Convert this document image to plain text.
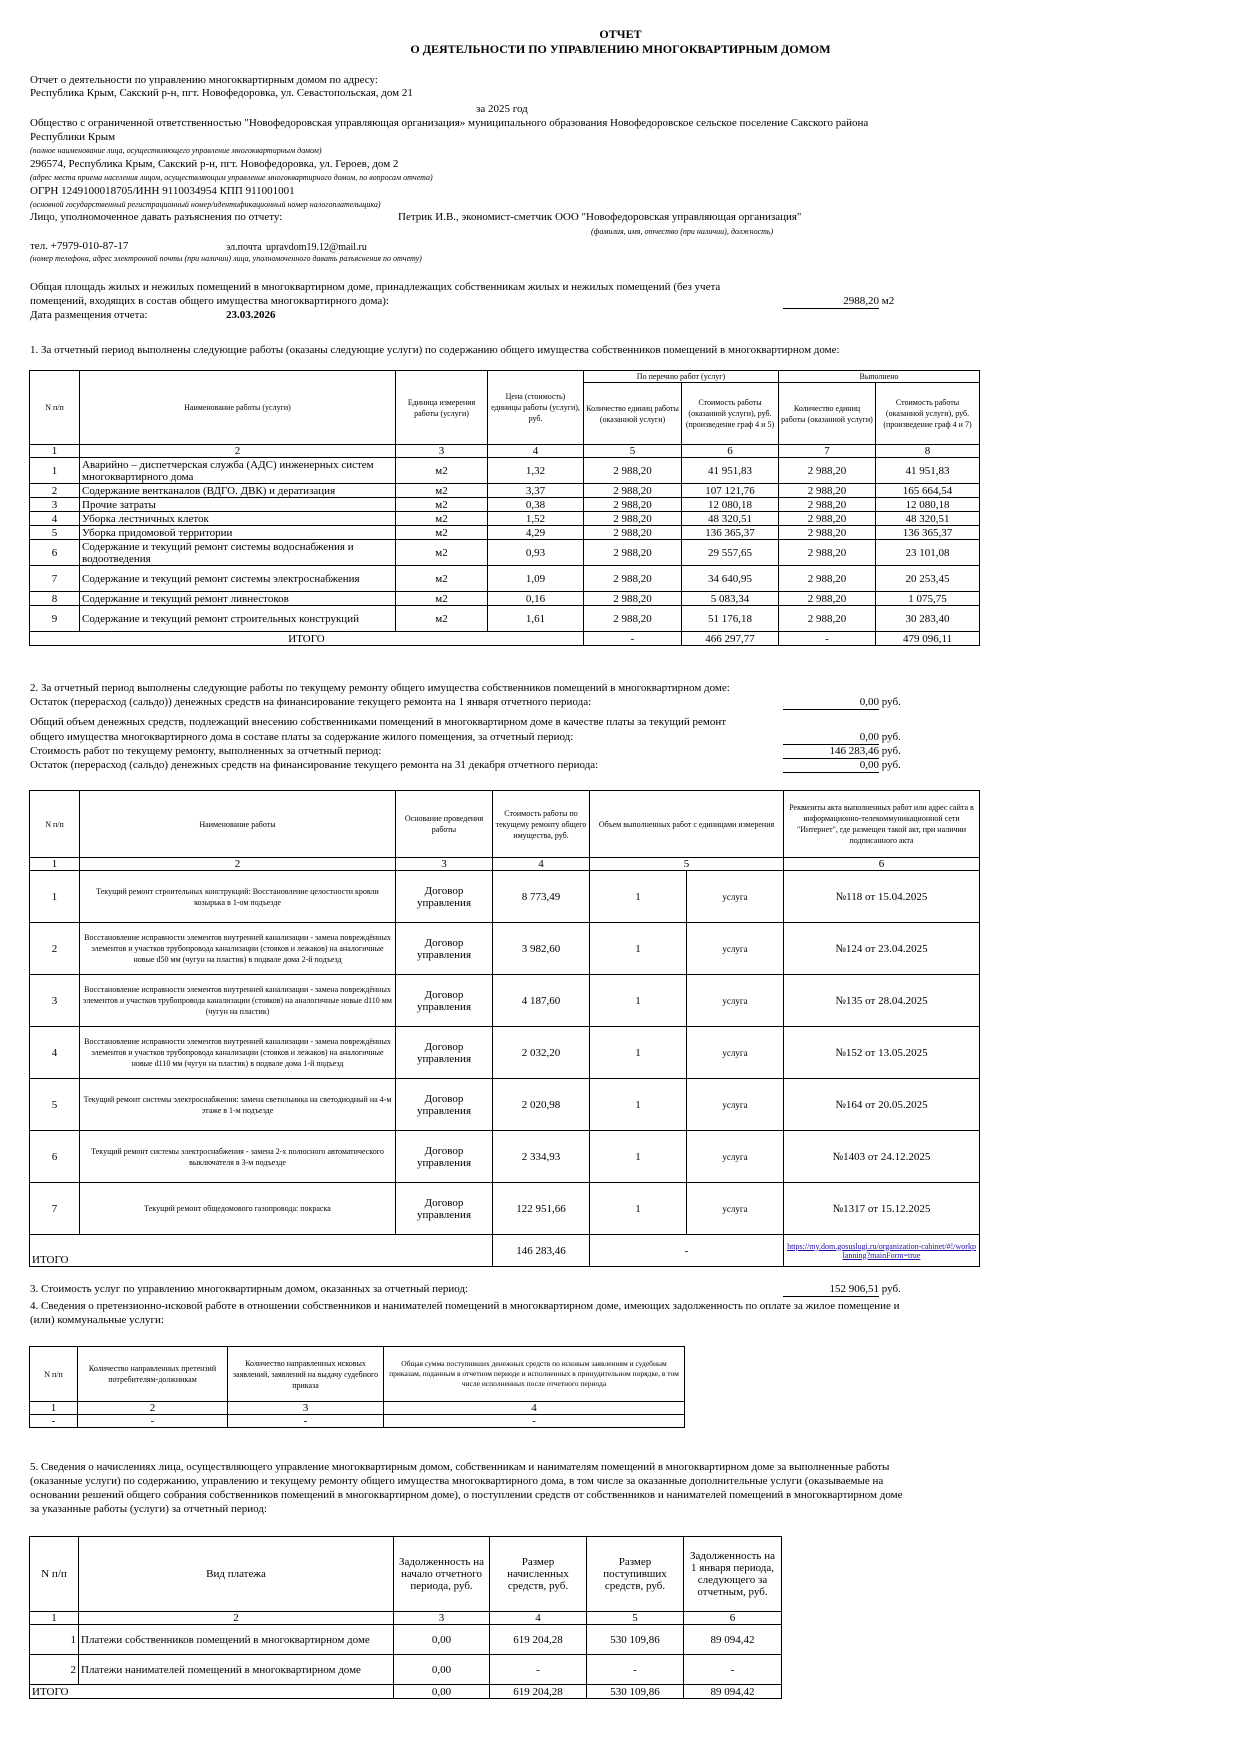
ОТЧЕТ
О ДЕЯТЕЛЬНОСТИ ПО УПРАВЛЕНИЮ МНОГОКВАРТИРНЫМ ДОМОМ
Отчет о деятельности по управлению многоквартирным домом по адресу:
Республика Крым, Сакский р-н, пгт. Новофедоровка, ул. Севастопольская, дом 21
за 2025 год
Общество с ограниченной ответственностью "Новофедоровская управляющая организация» муниципального образования Новофедоровское сельское поселение Сакского района
Республики Крым
(полное наименование лица, осуществляющего управление многоквартирным домом)
296574, Республика Крым, Сакский р-н, пгт. Новофедоровка, ул. Героев, дом 2
(адрес места приема населения лицом, осуществляющим управление многоквартирного домом, по вопросам отчета)
ОГРН 1249100018705/ИНН 9110034954 КПП 911001001
(основной государственный регистрационный номер/идентификационный номер налогоплательщика)
Лицо, уполномоченное давать разъяснения по отчету:	Петрик И.В., экономист-сметчик ООО "Новофедоровская управляющая организация"
(фамилия, имя, отчество (при наличии), должность)
тел. +7979-010-87-17	эл.почта upravdom19.12@mail.ru
(номер телефона, адрес электронной почты (при наличии) лица, уполномоченного давать разъяснения по отчету)
Общая площадь жилых и нежилых помещений в многоквартирном доме, принадлежащих собственникам жилых и нежилых помещений (без учета
помещений, входящих в состав общего имущества многоквартирного дома):	2988,20 м2
Дата размещения отчета:	23.03.2026
1. За отчетный период выполнены следующие работы (оказаны следующие услуги) по содержанию общего имущества собственников помещений в многоквартирном доме:
N п/п	Наименование работы (услуги)	Единица измерения работы (услуги)	Цена (стоимость) единицы работы (услуги), руб.	По перечню работ (услуг)		Выполнено	
				Количество единиц работы (оказанной услуги)	Стоимость работы (оказанной услуги), руб. (произведение граф 4 и 5)	Количество единиц работы (оказанной услуги)	Стоимость работы (оказанной услуги), руб. (произведение граф 4 и 7)
1	2	3	4	5	6	7	8
1	Аварийно – диспетчерская служба (АДС) инженерных систем многоквартирного дома	м2	1,32	2 988,20	41 951,83	2 988,20	41 951,83
2	Содержание вентканалов (ВДГО. ДВК) и дератизация	м2	3,37	2 988,20	107 121,76	2 988,20	165 664,54
3	Прочие затраты	м2	0,38	2 988,20	12 080,18	2 988,20	12 080,18
4	Уборка лестничных клеток	м2	1,52	2 988,20	48 320,51	2 988,20	48 320,51
5	Уборка придомовой территории	м2	4,29	2 988,20	136 365,37	2 988,20	136 365,37
6	Содержание и текущий ремонт системы водоснабжения и водоотведения	м2	0,93	2 988,20	29 557,65	2 988,20	23 101,08
7	Содержание и текущий ремонт системы электроснабжения	м2	1,09	2 988,20	34 640,95	2 988,20	20 253,45
8	Содержание и текущий ремонт ливнестоков	м2	0,16	2 988,20	5 083,34	2 988,20	1 075,75
9	Содержание и текущий ремонт строительных конструкций	м2	1,61	2 988,20	51 176,18	2 988,20	30 283,40
ИТОГО				-	466 297,77	-	479 096,11
2. За отчетный период выполнены следующие работы по текущему ремонту общего имущества собственников помещений в многоквартирном доме:
Остаток (перерасход (сальдо)) денежных средств на финансирование текущего ремонта на 1 января отчетного периода:	0,00 руб.
Общий объем денежных средств, подлежащий внесению собственниками помещений в многоквартирном доме в качестве платы за текущий ремонт
общего имущества многоквартирного дома в составе платы за содержание жилого помещения, за отчетный период:	0,00 руб.
Стоимость работ по текущему ремонту, выполненных за отчетный период:	146 283,46 руб.
Остаток (перерасход (сальдо) денежных средств на финансирование текущего ремонта на 31 декабря отчетного периода:	0,00 руб.
N п/п	Наименование работы	Основание проведения работы	Стоимость работы по текущему ремонту общего имущества, руб.	Объем выполненных работ с единицами измерения		Реквизиты акта выполненных работ или адрес сайта в информационно-телекоммуникационной сети "Интернет", где размещен такой акт, при наличии подписанного акта
1	2	3	4	5		6
1	Текущий ремонт строительных конструкций: Восстановление целостности кровли козырька в 1-ом подъезде	Договор управления	8 773,49	1	услуга	№118 от 15.04.2025
2	Восстановление исправности элементов внутренней канализации - замена повреждённых элементов и участков трубопровода канализации (стояков и лежаков) на аналогичные новые d50 мм (чугун на пластик) в подвале дома 2-й подъезд	Договор управления	3 982,60	1	услуга	№124 от 23.04.2025
3	Восстановление исправности элементов внутренней канализации - замена повреждённых элементов и участков трубопровода канализации (стояков) на аналогичные новые d110 мм (чугун на пластик)	Договор управления	4 187,60	1	услуга	№135 от 28.04.2025
4	Восстановление исправности элементов внутренней канализации - замена повреждённых элементов и участков трубопровода канализации (стояков и лежаков) на аналогичные новые d110 мм (чугун на пластик) в подвале дома 1-й подъезд	Договор управления	2 032,20	1	услуга	№152 от 13.05.2025
5	Текущий ремонт системы электроснабжения: замена светильника на светодиодный на 4-м этаже в 1-м подъезде	Договор управления	2 020,98	1	услуга	№164 от 20.05.2025
6	Текущий ремонт системы электроснабжения - замена 2-х полюсного автоматического выключателя в 3-м подъезде	Договор управления	2 334,93	1	услуга	№1403 от 24.12.2025
7	Текущий ремонт общедомового газопровода: покраска	Договор управления	122 951,66	1	услуга	№1317 от 15.12.2025
ИТОГО			146 283,46	-		https://my.dom.gosuslugi.ru/organization-cabinet/#!/workplanning?mainForm=true
3. Стоимость услуг по управлению многоквартирным домом, оказанных за отчетный период:	152 906,51 руб.
4. Сведения о претензионно-исковой работе в отношении собственников и нанимателей помещений в многоквартирном доме, имеющих задолженность по оплате за жилое помещение и
(или) коммунальные услуги:
N п/п	Количество направленных претензий потребителям-должникам	Количество направленных исковых заявлений, заявлений на выдачу судебного приказа	Общая сумма поступивших денежных средств по исковым заявлениям и судебным приказам, поданным в отчетном периоде и исполненных в принудительном порядке, в том числе исполненных после отчетного периода
1	2	3	4
-	-	-	-
5. Сведения о начислениях лица, осуществляющего управление многоквартирным домом, собственникам и нанимателям помещений в многоквартирном доме за выполненные работы
(оказанные услуги) по содержанию, управлению и текущему ремонту общего имущества многоквартирного дома, в том числе за оказанные дополнительные услуги (оказываемые на
основании решений общего собрания собственников помещений в многоквартирном доме), о поступлении средств от собственников и нанимателей помещений в многоквартирном доме
за указанные работы (услуги) за отчетный период:
N п/п	Вид платежа	Задолженность на начало отчетного периода, руб.	Размер начисленных средств, руб.	Размер поступивших средств, руб.	Задолженность на 1 января периода, следующего за отчетным, руб.
1	2	3	4	5	6
1	Платежи собственников помещений в многоквартирном доме	0,00	619 204,28	530 109,86	89 094,42
2	Платежи нанимателей помещений в многоквартирном доме	0,00	-	-	-
ИТОГО		0,00	619 204,28	530 109,86	89 094,42
